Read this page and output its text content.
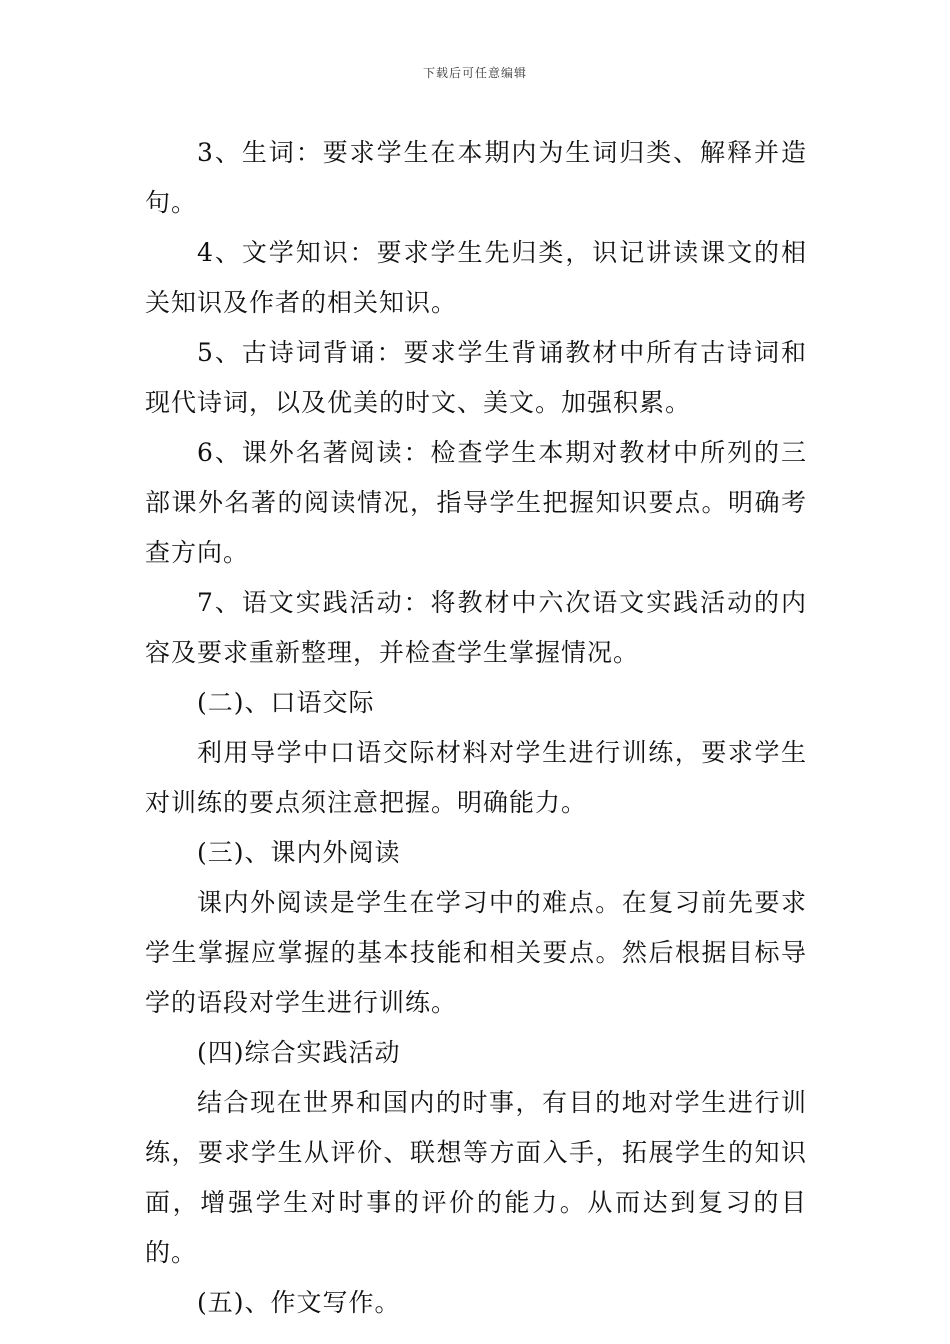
下载后可任意编辑

3、生词：要求学生在本期内为生词归类、解释并造句。

4、文学知识：要求学生先归类，识记讲读课文的相关知识及作者的相关知识。

5、古诗词背诵：要求学生背诵教材中所有古诗词和现代诗词，以及优美的时文、美文。加强积累。

6、课外名著阅读：检查学生本期对教材中所列的三部课外名著的阅读情况，指导学生把握知识要点。明确考查方向。

7、语文实践活动：将教材中六次语文实践活动的内容及要求重新整理，并检查学生掌握情况。

(二)、口语交际

利用导学中口语交际材料对学生进行训练，要求学生对训练的要点须注意把握。明确能力。

(三)、课内外阅读

课内外阅读是学生在学习中的难点。在复习前先要求学生掌握应掌握的基本技能和相关要点。然后根据目标导学的语段对学生进行训练。

(四)综合实践活动

结合现在世界和国内的时事，有目的地对学生进行训练，要求学生从评价、联想等方面入手，拓展学生的知识面，增强学生对时事的评价的能力。从而达到复习的目的。

(五)、作文写作。
